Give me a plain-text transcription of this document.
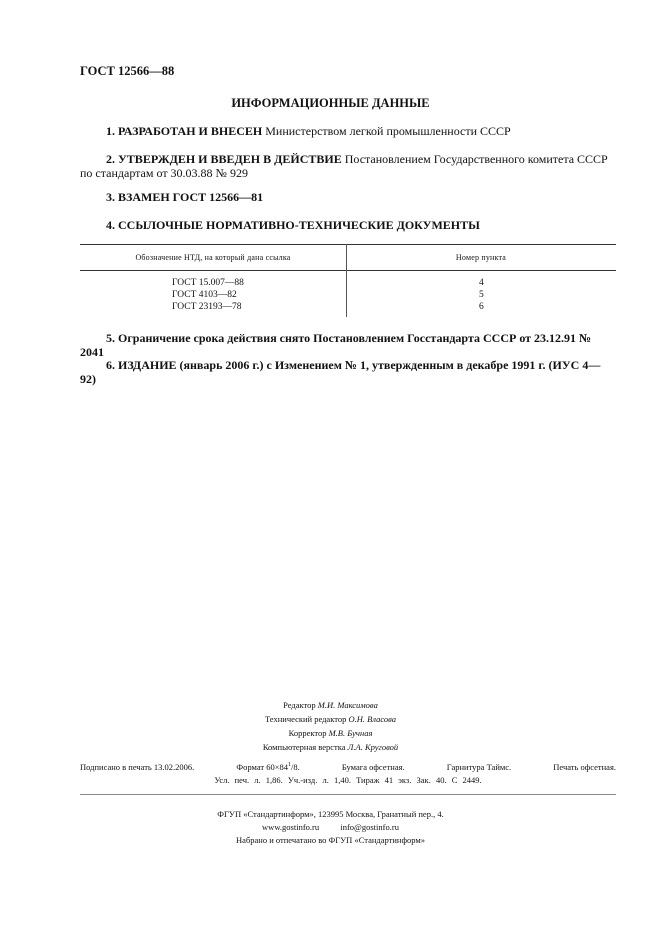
ГОСТ 12566—88
ИНФОРМАЦИОННЫЕ ДАННЫЕ
1. РАЗРАБОТАН И ВНЕСЕН Министерством легкой промышленности СССР
2. УТВЕРЖДЕН И ВВЕДЕН В ДЕЙСТВИЕ Постановлением Государственного комитета СССР
по стандартам от 30.03.88 № 929
3. ВЗАМЕН ГОСТ 12566—81
4. ССЫЛОЧНЫЕ НОРМАТИВНО-ТЕХНИЧЕСКИЕ ДОКУМЕНТЫ
Обозначение НТД, на который дана ссылка	Номер пункта
ГОСТ 15.007—88	4
ГОСТ 4103—82	5
ГОСТ 23193—78	6
5. Ограничение срока действия снято Постановлением Госстандарта СССР от 23.12.91 № 2041
6. ИЗДАНИЕ (январь 2006 г.) с Изменением № 1, утвержденным в декабре 1991 г. (ИУС 4—92)
Редактор М.И. Максимова
Технический редактор О.Н. Власова
Корректор М.В. Бучная
Компьютерная верстка Л.А. Круговой
Подписано в печать 13.02.2006.	Формат $60\times 84^1/8$.	Бумага офсетная.	Гарнитура Таймс.	Печать офсетная.
Усл. печ. л. 1,86. Уч.-изд. л. 1,40. Тираж 41 экз. Зак. 40. С 2449.
ФГУП «Стандартинформ», 123995 Москва, Гранатный пер., 4.
www.gostinfo.ru          info@gostinfo.ru
Набрано и отпечатано во ФГУП «Стандартинформ»
